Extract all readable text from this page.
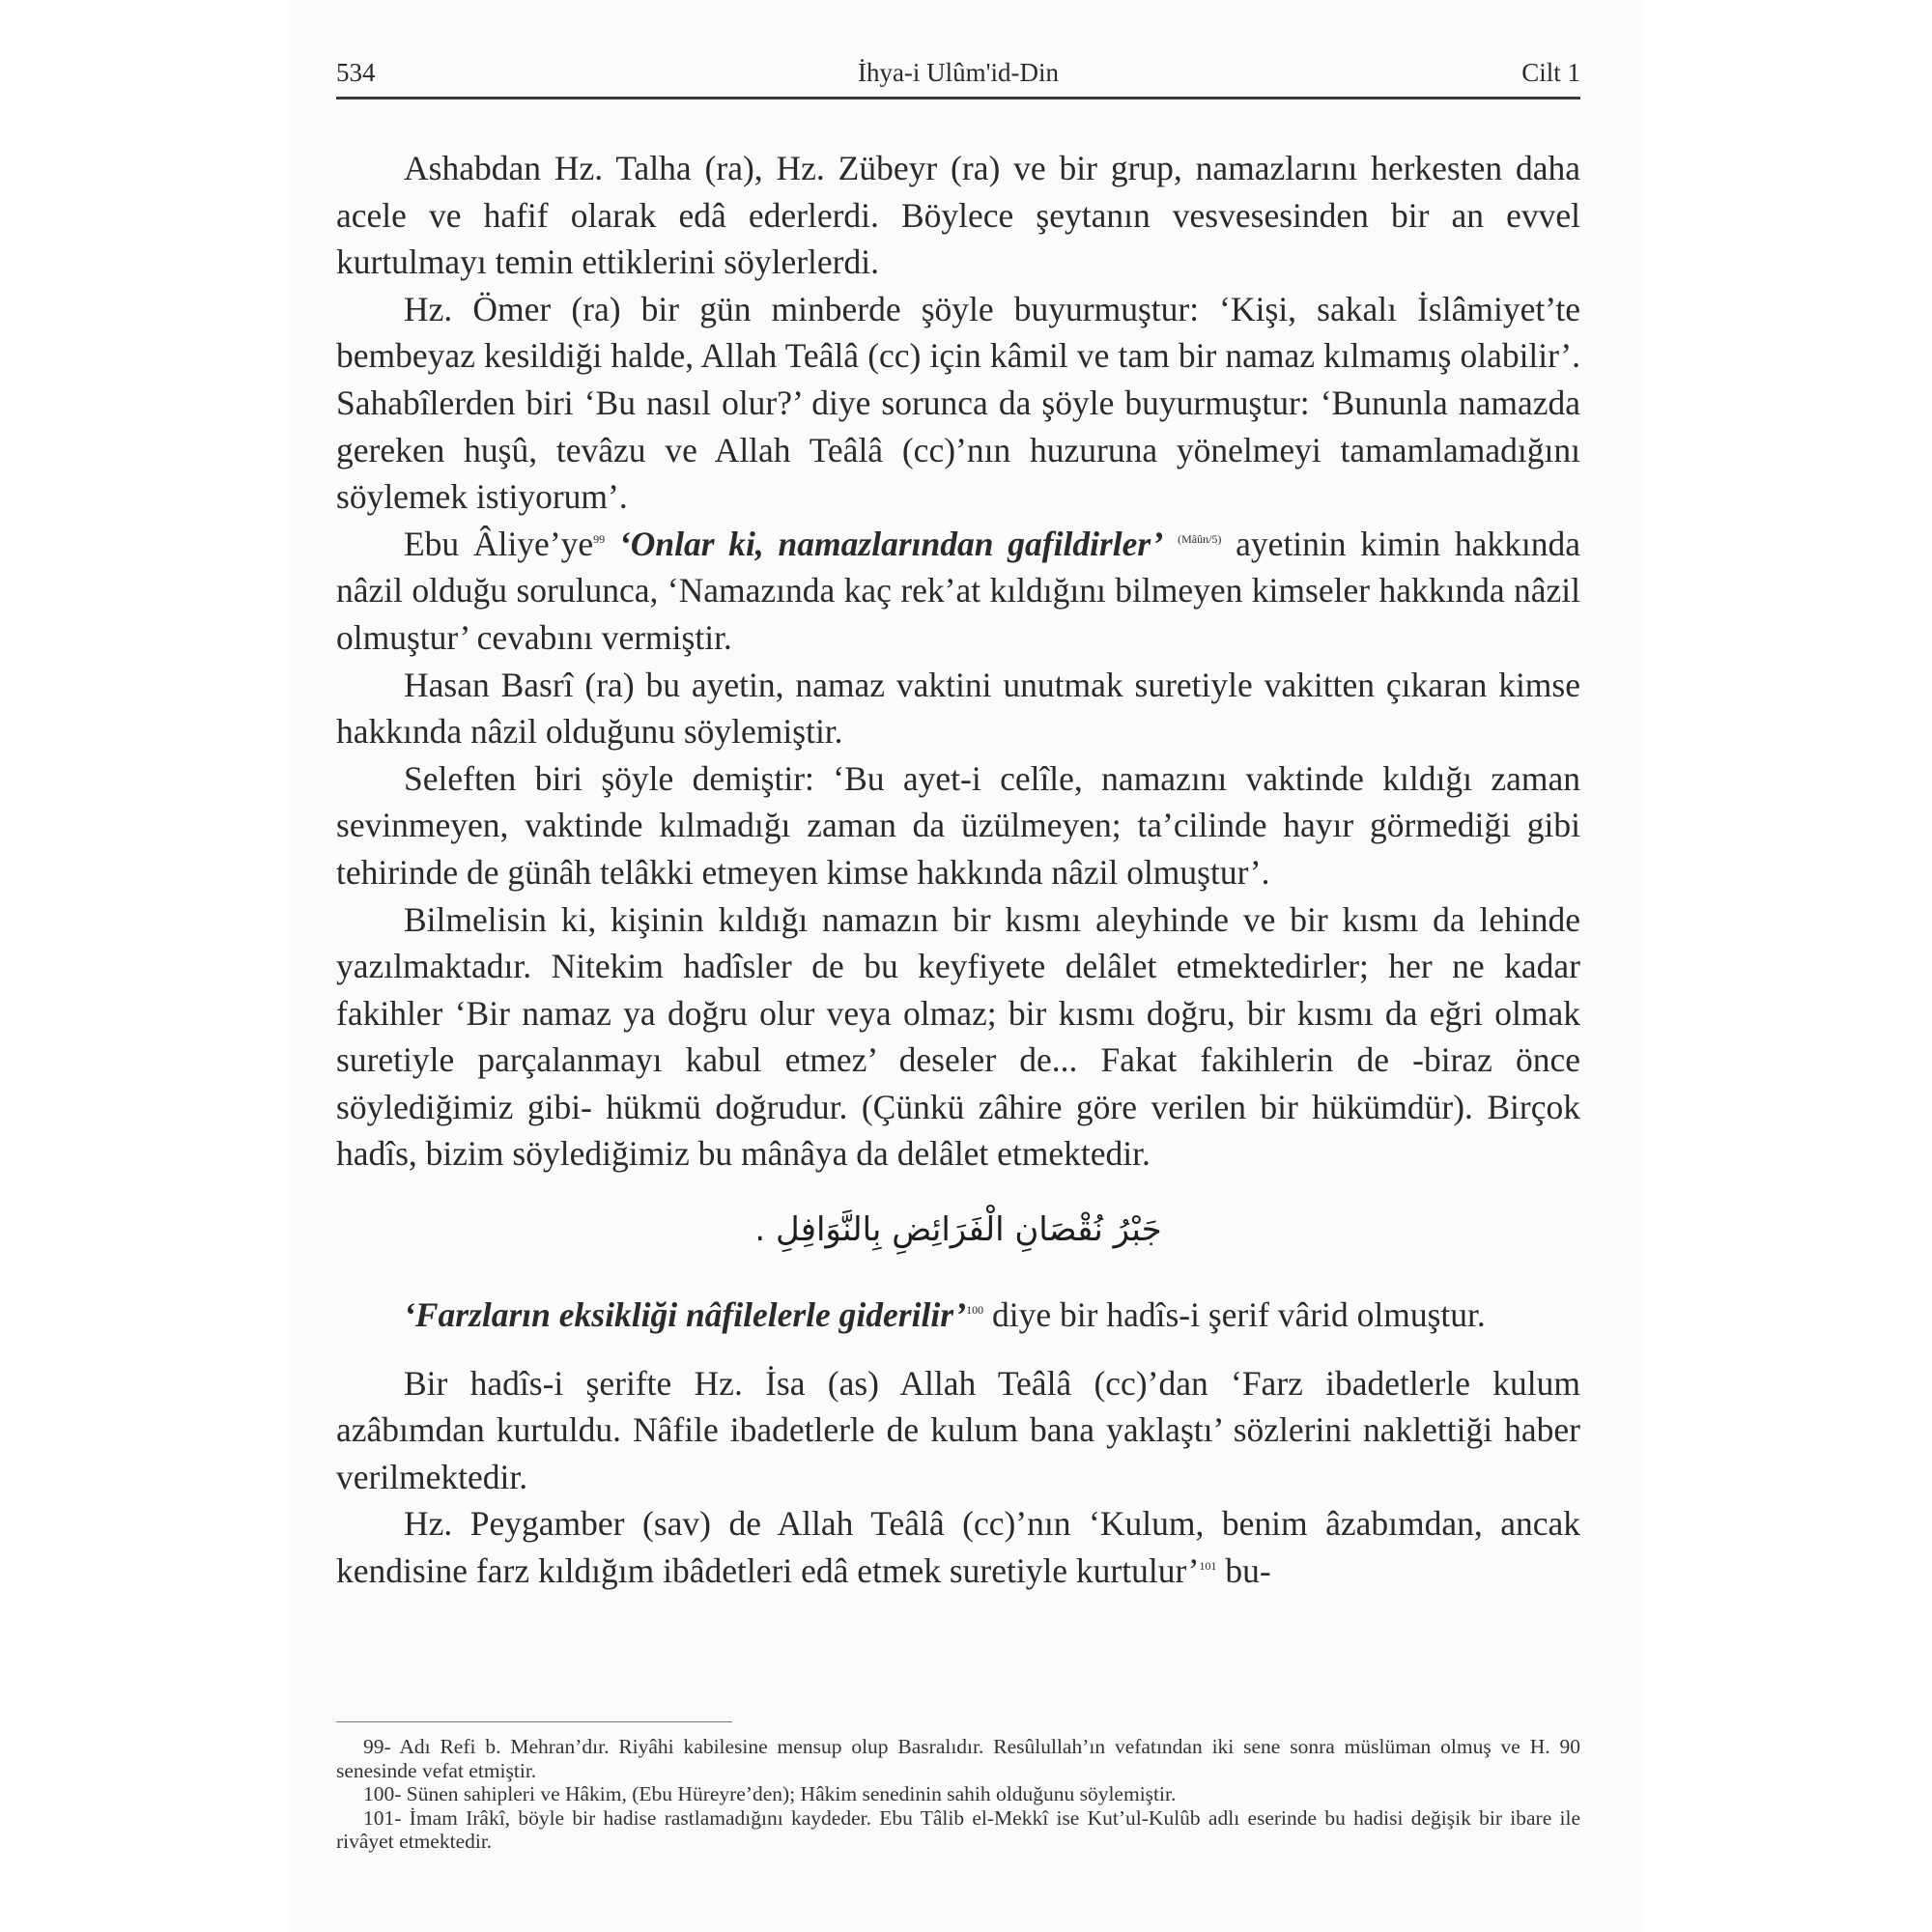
534	İhya-i Ulûm'id-Din	Cilt 1

Ashabdan Hz. Talha (ra), Hz. Zübeyr (ra) ve bir grup, namazlarını herkesten daha acele ve hafif olarak edâ ederlerdi. Böylece şeytanın vesvesesinden bir an evvel kurtulmayı temin ettiklerini söylerlerdi.

Hz. Ömer (ra) bir gün minberde şöyle buyurmuştur: ‘Kişi, sakalı İslâmiyet’te bembeyaz kesildiği halde, Allah Teâlâ (cc) için kâmil ve tam bir namaz kılmamış olabilir’. Sahabîlerden biri ‘Bu nasıl olur?’ diye sorunca da şöyle buyurmuştur: ‘Bununla namazda gereken huşû, tevâzu ve Allah Teâlâ (cc)’nın huzuruna yönelmeyi tamamlamadığını söylemek istiyorum’.

Ebu Âliye’ye$^{99}$ ‘Onlar ki, namazlarından gafildirler’ $^{(Mâûn/5)}$ ayetinin kimin hakkında nâzil olduğu sorulunca, ‘Namazında kaç rek’at kıldığını bilmeyen kimseler hakkında nâzil olmuştur’ cevabını vermiştir.

Hasan Basrî (ra) bu ayetin, namaz vaktini unutmak suretiyle vakitten çıkaran kimse hakkında nâzil olduğunu söylemiştir.

Seleften biri şöyle demiştir: ‘Bu ayet-i celîle, namazını vaktinde kıldığı zaman sevinmeyen, vaktinde kılmadığı zaman da üzülmeyen; ta’cilinde hayır görmediği gibi tehirinde de günâh telâkki etmeyen kimse hakkında nâzil olmuştur’.

Bilmelisin ki, kişinin kıldığı namazın bir kısmı aleyhinde ve bir kısmı da lehinde yazılmaktadır. Nitekim hadîsler de bu keyfiyete delâlet etmektedirler; her ne kadar fakihler ‘Bir namaz ya doğru olur veya olmaz; bir kısmı doğru, bir kısmı da eğri olmak suretiyle parçalanmayı kabul etmez’ deseler de... Fakat fakihlerin de -biraz önce söylediğimiz gibi- hükmü doğrudur. (Çünkü zâhire göre verilen bir hükümdür). Birçok hadîs, bizim söylediğimiz bu mânâya da delâlet etmektedir.

جَبْرُ نُقْصَانِ الْفَرَائِضِ بِالنَّوَافِلِ .

‘Farzların eksikliği nâfilelerle giderilir’$^{100}$ diye bir hadîs-i şerif vârid olmuştur.

Bir hadîs-i şerifte Hz. İsa (as) Allah Teâlâ (cc)’dan ‘Farz ibadetlerle kulum azâbımdan kurtuldu. Nâfile ibadetlerle de kulum bana yaklaştı’ sözlerini naklettiği haber verilmektedir.

Hz. Peygamber (sav) de Allah Teâlâ (cc)’nın ‘Kulum, benim âzabımdan, ancak kendisine farz kıldığım ibâdetleri edâ etmek suretiyle kurtulur’$^{101}$ bu-

99- Adı Refi b. Mehran’dır. Riyâhi kabilesine mensup olup Basralıdır. Resûlullah’ın vefatından iki sene sonra müslüman olmuş ve H. 90 senesinde vefat etmiştir.

100- Sünen sahipleri ve Hâkim, (Ebu Hüreyre’den); Hâkim senedinin sahih olduğunu söylemiştir.

101- İmam Irâkî, böyle bir hadise rastlamadığını kaydeder. Ebu Tâlib el-Mekkî ise Kut’ul-Kulûb adlı eserinde bu hadisi değişik bir ibare ile rivâyet etmektedir.
